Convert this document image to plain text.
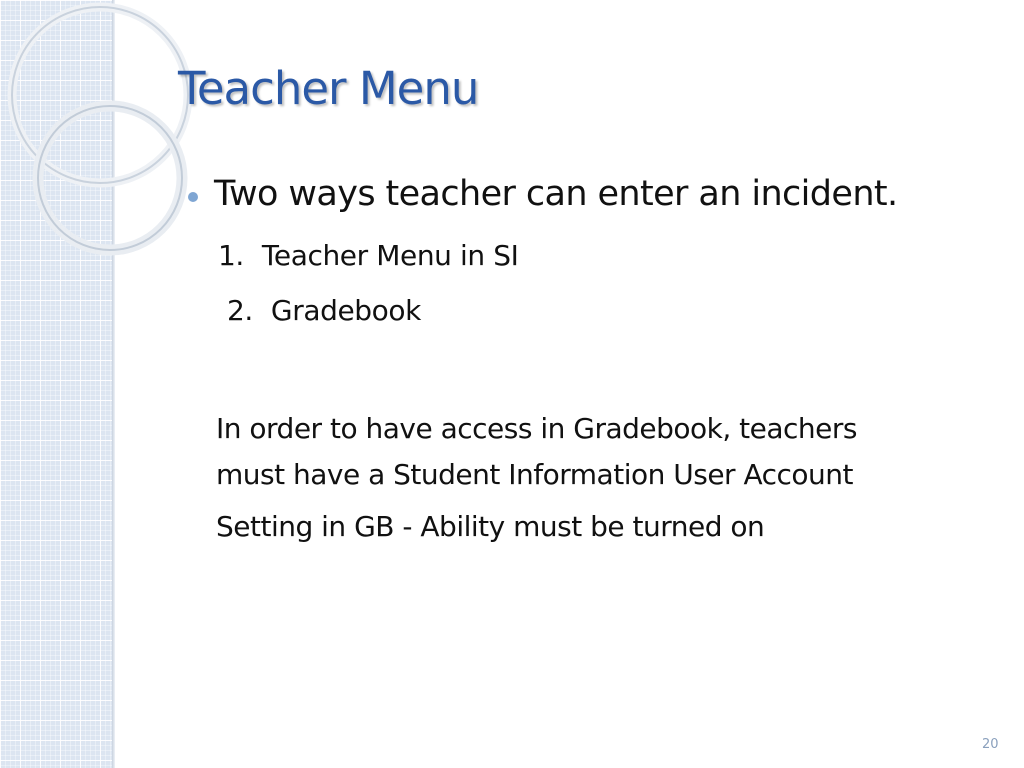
Teacher Menu
Two ways teacher can enter an incident.
1. Teacher Menu in SI
2. Gradebook
In order to have access in Gradebook, teachers
must have a Student Information User Account
Setting in GB - Ability must be turned on
20
